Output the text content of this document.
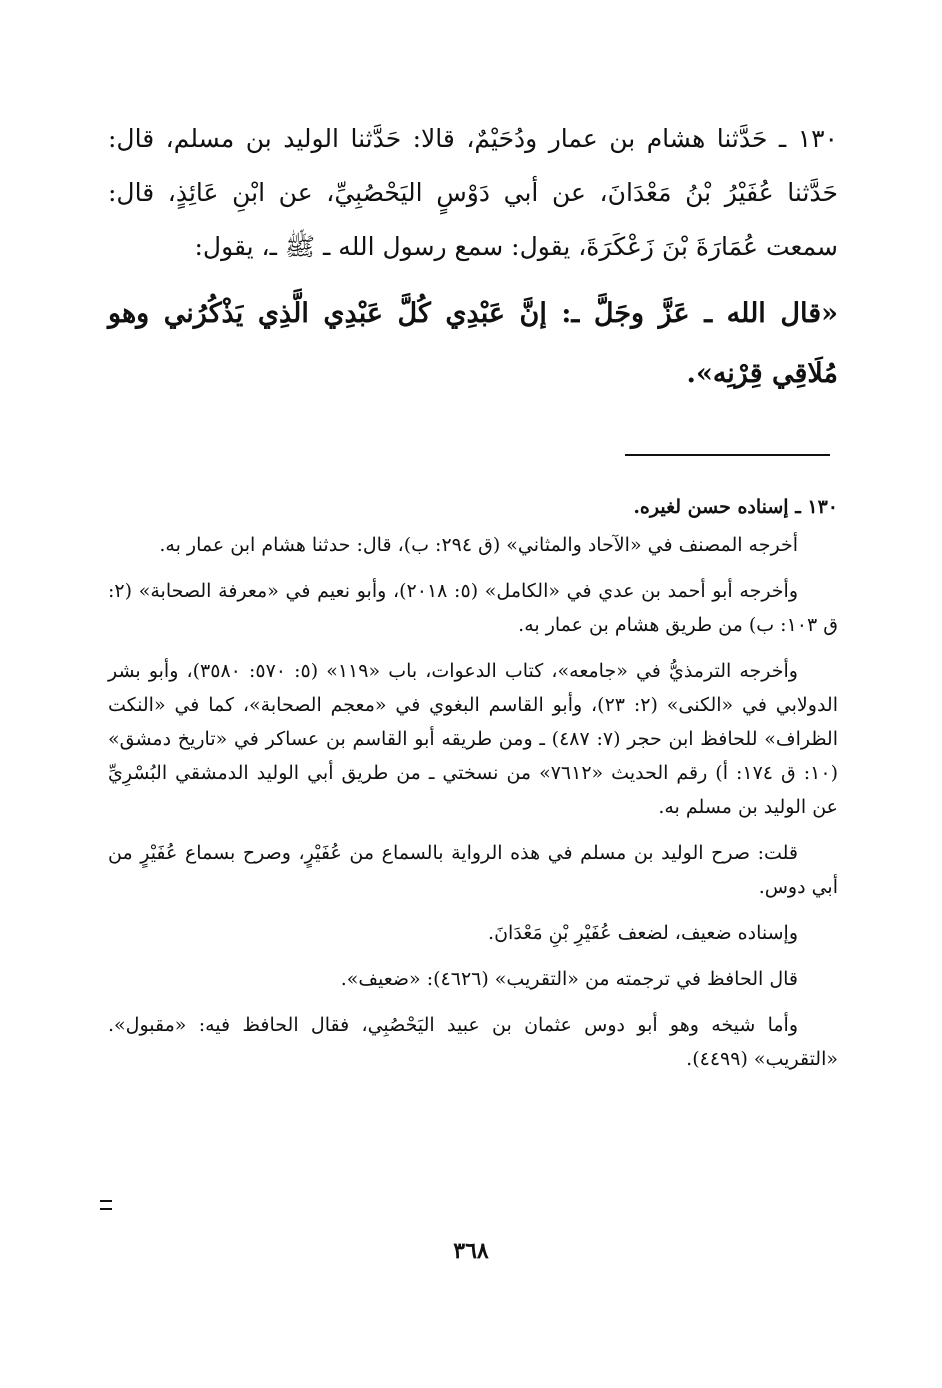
١٣٠ ـ حَدَّثنا هشام بن عمار ودُحَيْمٌ، قالا: حَدَّثنا الوليد بن مسلم، قال: حَدَّثنا عُفَيْرُ بْنُ مَعْدَانَ، عن أبي دَوْسٍ اليَحْصُبِيِّ، عن ابْنِ عَائِذٍ، قال: سمعت عُمَارَةَ بْنَ زَعْكَرَةَ، يقول: سمع رسول الله ـ ﷺ ـ، يقول:

«قال الله ـ عَزَّ وجَلَّ ـ: إنَّ عَبْدِي كُلَّ عَبْدِي الَّذِي يَذْكُرُني وهو مُلَاقِي قِرْنِه».

١٣٠ ـ إسناده حسن لغيره.

أخرجه المصنف في «الآحاد والمثاني» (ق ٢٩٤: ب)، قال: حدثنا هشام ابن عمار به.

وأخرجه أبو أحمد بن عدي في «الكامل» (٥: ٢٠١٨)، وأبو نعيم في «معرفة الصحابة» (٢: ق ١٠٣: ب) من طريق هشام بن عمار به.

وأخرجه الترمذيُّ في «جامعه»، كتاب الدعوات، باب «١١٩» (٥: ٥٧٠: ٣٥٨٠)، وأبو بشر الدولابي في «الكنى» (٢: ٢٣)، وأبو القاسم البغوي في «معجم الصحابة»، كما في «النكت الظراف» للحافظ ابن حجر (٧: ٤٨٧) ـ ومن طريقه أبو القاسم بن عساكر في «تاريخ دمشق» (١٠: ق ١٧٤: أ) رقم الحديث «٧٦١٢» من نسختي ـ من طريق أبي الوليد الدمشقي البُسْرِيِّ عن الوليد بن مسلم به.

قلت: صرح الوليد بن مسلم في هذه الرواية بالسماع من عُفَيْرٍ، وصرح بسماع عُفَيْرٍ من أبي دوس.

وإسناده ضعيف، لضعف عُفَيْرِ بْنِ مَعْدَانَ.

قال الحافظ في ترجمته من «التقريب» (٤٦٢٦): «ضعيف».

وأما شيخه وهو أبو دوس عثمان بن عبيد اليَحْصُبِي، فقال الحافظ فيه: «مقبول». «التقريب» (٤٤٩٩).

٣٦٨
